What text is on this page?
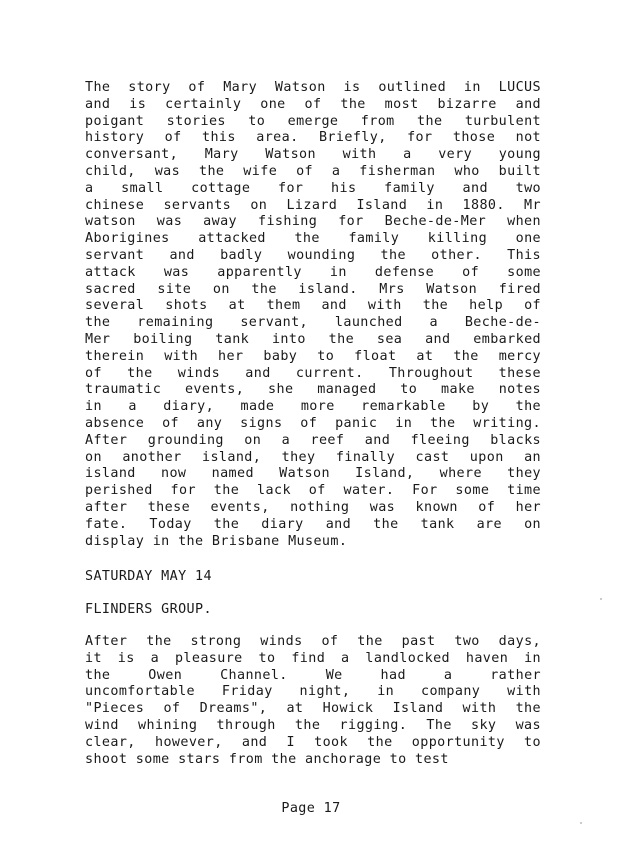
The story of Mary Watson is outlined in LUCUS
and is certainly one of the most bizarre and
poigant stories to emerge from the turbulent
history of this area. Briefly, for those not
conversant, Mary Watson with a very young
child, was the wife of a fisherman who built
a small cottage for his family and two
chinese servants on Lizard Island in 1880. Mr
watson was away fishing for Beche-de-Mer when
Aborigines attacked the family killing one
servant and badly wounding the other. This
attack was apparently in defense of some
sacred site on the island. Mrs Watson fired
several shots at them and with the help of
the remaining servant, launched a Beche-de-
Mer boiling tank into the sea and embarked
therein with her baby to float at the mercy
of the winds and current. Throughout these
traumatic events, she managed to make notes
in a diary, made more remarkable by the
absence of any signs of panic in the writing.
After grounding on a reef and fleeing blacks
on another island, they finally cast upon an
island now named Watson Island, where they
perished for the lack of water. For some time
after these events, nothing was known of her
fate. Today the diary and the tank are on
display in the Brisbane Museum.
SATURDAY MAY 14
FLINDERS GROUP.
After the strong winds of the past two days,
it is a pleasure to find a landlocked haven in
the Owen Channel. We had a rather
uncomfortable Friday night, in company with
"Pieces of Dreams", at Howick Island with the
wind whining through the rigging. The sky was
clear, however, and I took the opportunity to
shoot some stars from the anchorage to test
Page 17
